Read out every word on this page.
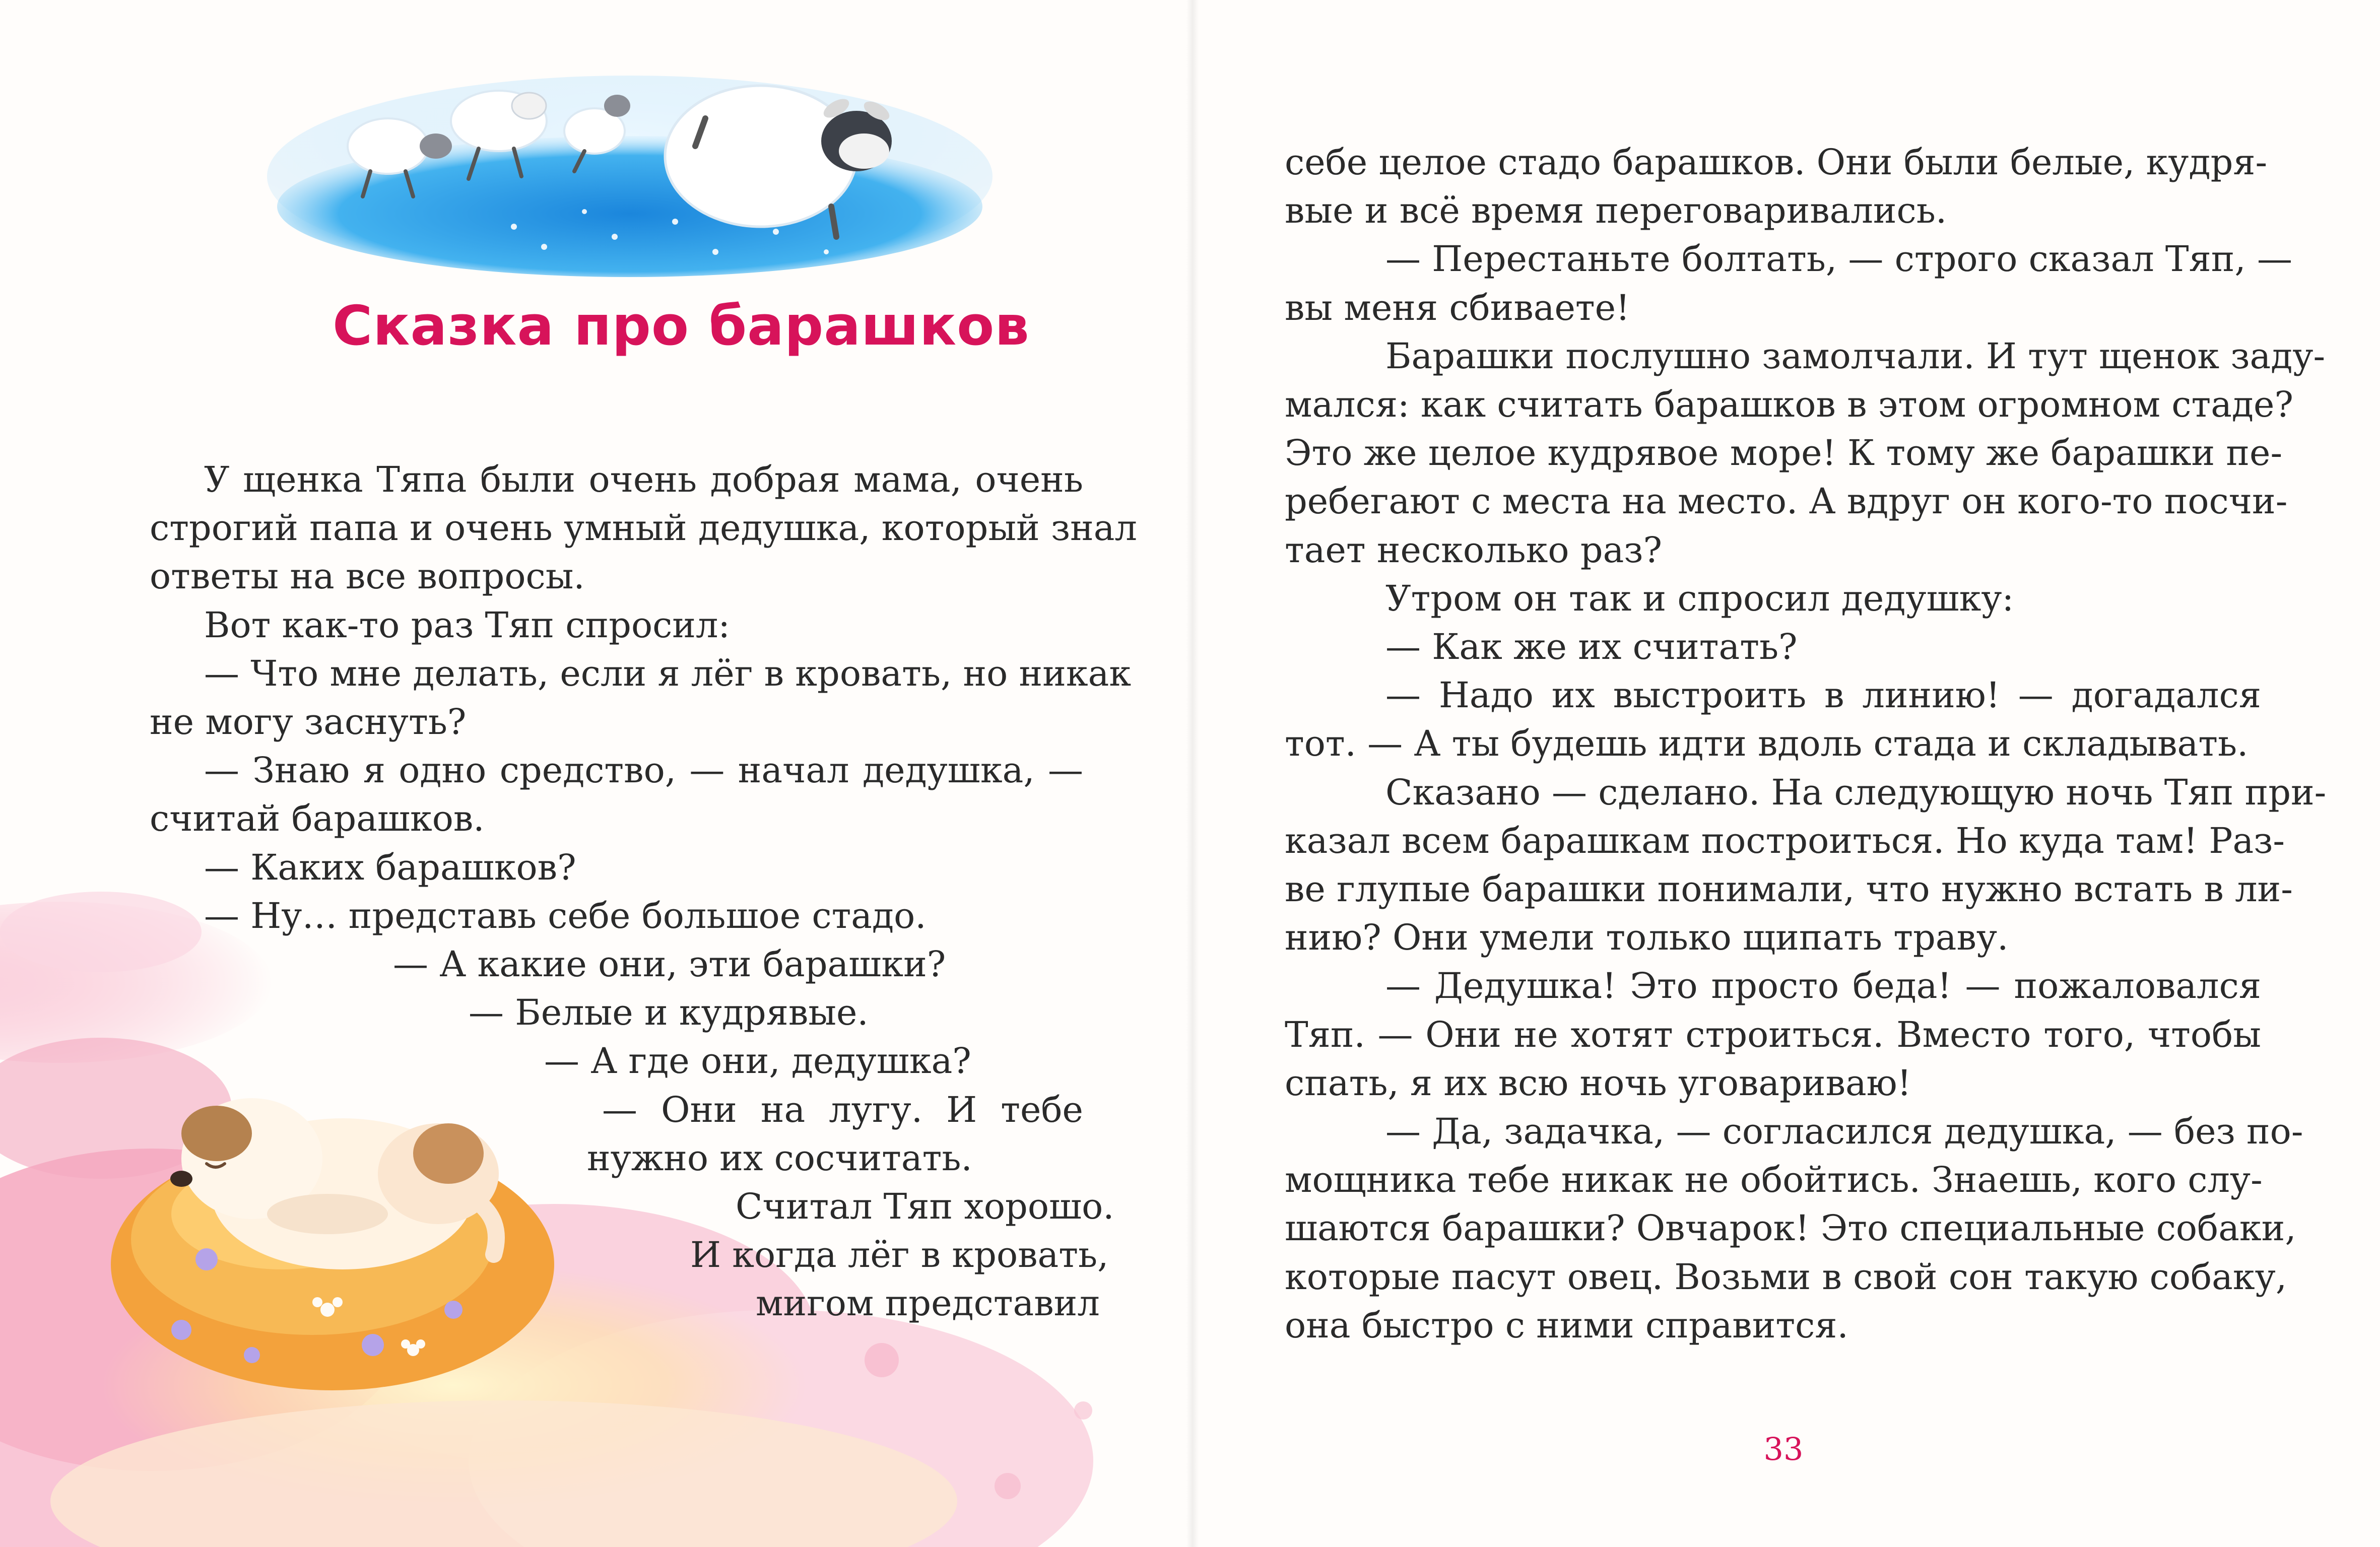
Сказка про барашков
У щенка Тяпа были очень добрая мама, очень
строгий папа и очень умный дедушка, который знал
ответы на все вопросы.
Вот как-то раз Тяп спросил:
— Что мне делать, если я лёг в кровать, но никак
не могу заснуть?
— Знаю я одно средство, — начал дедушка, —
считай барашков.
— Каких барашков?
— Ну… представь себе большое стадо.
— А какие они, эти барашки?
— Белые и кудрявые.
— А где они, дедушка?
— Они на лугу. И тебе
нужно их сосчитать.
Считал Тяп хорошо.
И когда лёг в кровать,
мигом представил
себе целое стадо барашков. Они были белые, кудря-
вые и всё время переговаривались.
— Перестаньте болтать, — строго сказал Тяп, —
вы меня сбиваете!
Барашки послушно замолчали. И тут щенок заду-
мался: как считать барашков в этом огромном стаде?
Это же целое кудрявое море! К тому же барашки пе-
ребегают с места на место. А вдруг он кого-то посчи-
тает несколько раз?
Утром он так и спросил дедушку:
— Как же их считать?
— Надо их выстроить в линию! — догадался
тот. — А ты будешь идти вдоль стада и складывать.
Сказано — сделано. На следующую ночь Тяп при-
казал всем барашкам построиться. Но куда там! Раз-
ве глупые барашки понимали, что нужно встать в ли-
нию? Они умели только щипать траву.
— Дедушка! Это просто беда! — пожаловался
Тяп. — Они не хотят строиться. Вместо того, чтобы
спать, я их всю ночь уговариваю!
— Да, задачка, — согласился дедушка, — без по-
мощника тебе никак не обойтись. Знаешь, кого слу-
шаются барашки? Овчарок! Это специальные собаки,
которые пасут овец. Возьми в свой сон такую собаку,
она быстро с ними справится.
33
